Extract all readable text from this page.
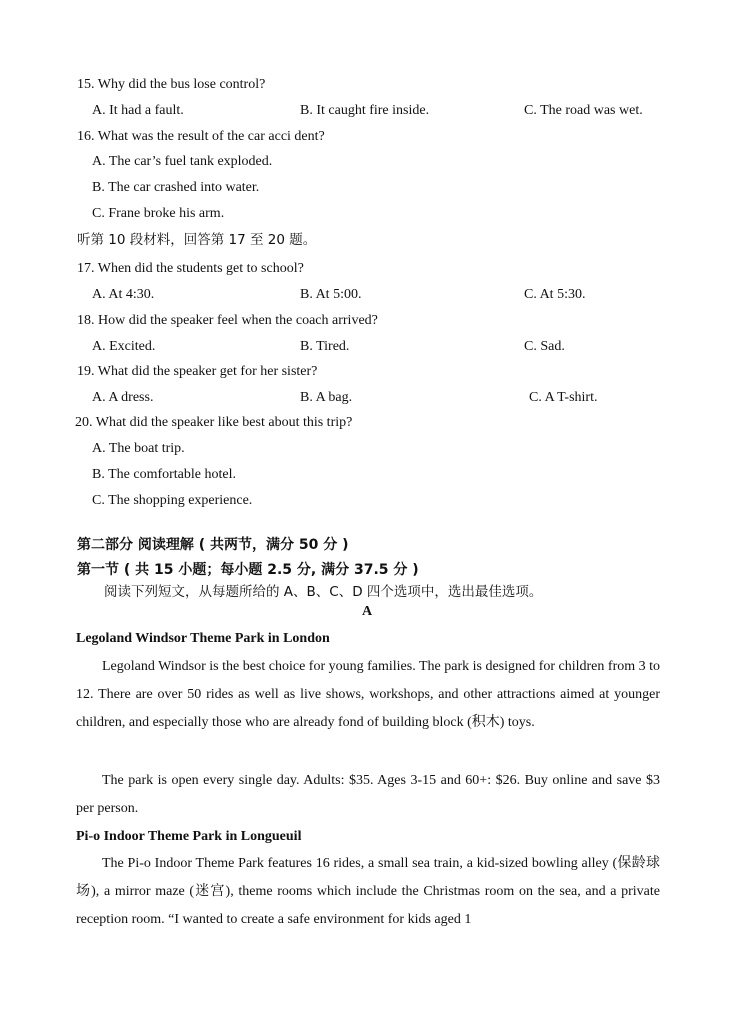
15. Why did the bus lose control?
A. It had a fault.	B. It caught fire inside.	C. The road was wet.
16. What was the result of the car acci dent?
A. The car’s fuel tank exploded.
B. The car crashed into water.
C. Frane broke his arm.
听第 10 段材料，回答第 17 至 20 题。
17. When did the students get to school?
A. At 4:30.	B. At 5:00.	C. At 5:30.
18. How did the speaker feel when the coach arrived?
A. Excited.	B. Tired.	C. Sad.
19. What did the speaker get for her sister?
A. A dress.	B. A bag.	C. A T-shirt.
20. What did the speaker like best about this trip?
A. The boat trip.
B. The comfortable hotel.
C. The shopping experience.
第二部分 阅读理解 ( 共两节，满分 50 分 )
第一节 ( 共 15 小题；每小题 2.5 分, 满分 37.5 分 )
阅读下列短文，从每题所给的 A、B、C、D 四个选项中，选出最佳选项。
A
Legoland Windsor Theme Park in London
Legoland Windsor is the best choice for young families. The park is designed for children from 3 to 12. There are over 50 rides as well as live shows, workshops, and other attractions aimed at younger children, and especially those who are already fond of building block (积木) toys.
The park is open every single day. Adults: $35. Ages 3-15 and 60+: $26. Buy online and save $3 per person.
Pi-o Indoor Theme Park in Longueuil
The Pi-o Indoor Theme Park features 16 rides, a small sea train, a kid-sized bowling alley (保龄球场), a mirror maze (迷宫), theme rooms which include the Christmas room on the sea, and a private reception room. “I wanted to create a safe environment for kids aged 1
